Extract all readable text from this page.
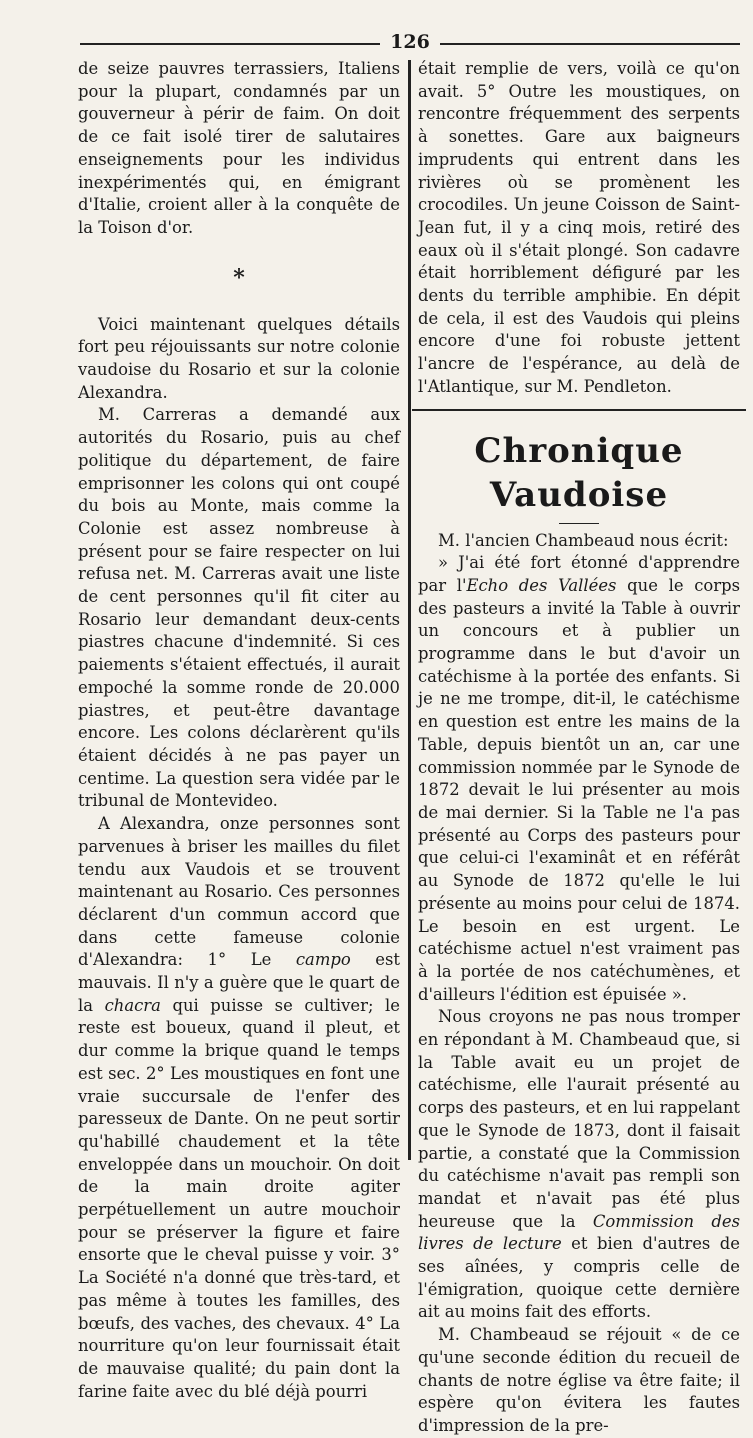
126

de seize pauvres terrassiers, Italiens pour la plupart, condamnés par un gouverneur à périr de faim. On doit de ce fait isolé tirer de salutaires enseignements pour les individus inexpérimentés qui, en émigrant d'Italie, croient aller à la conquête de la Toison d'or.

*

Voici maintenant quelques détails fort peu réjouissants sur notre colonie vaudoise du Rosario et sur la colonie Alexandra.

M. Carreras a demandé aux autorités du Rosario, puis au chef politique du département, de faire emprisonner les colons qui ont coupé du bois au Monte, mais comme la Colonie est assez nombreuse à présent pour se faire respecter on lui refusa net. M. Carreras avait une liste de cent personnes qu'il fit citer au Rosario leur demandant deux-cents piastres chacune d'indemnité. Si ces paiements s'étaient effectués, il aurait empoché la somme ronde de 20.000 piastres, et peut-être davantage encore. Les colons déclarèrent qu'ils étaient décidés à ne pas payer un centime. La question sera vidée par le tribunal de Montevideo.

A Alexandra, onze personnes sont parvenues à briser les mailles du filet tendu aux Vaudois et se trouvent maintenant au Rosario. Ces personnes déclarent d'un commun accord que dans cette fameuse colonie d'Alexandra: 1° Le campo est mauvais. Il n'y a guère que le quart de la chacra qui puisse se cultiver; le reste est boueux, quand il pleut, et dur comme la brique quand le temps est sec. 2° Les moustiques en font une vraie succursale de l'enfer des paresseux de Dante. On ne peut sortir qu'habillé chaudement et la tête enveloppée dans un mouchoir. On doit de la main droite agiter perpétuellement un autre mouchoir pour se préserver la figure et faire ensorte que le cheval puisse y voir. 3° La Société n'a donné que très-tard, et pas même à toutes les familles, des bœufs, des vaches, des chevaux. 4° La nourriture qu'on leur fournissait était de mauvaise qualité; du pain dont la farine faite avec du blé déjà pourri

était remplie de vers, voilà ce qu'on avait. 5° Outre les moustiques, on rencontre fréquemment des serpents à sonettes. Gare aux baigneurs imprudents qui entrent dans les rivières où se promènent les crocodiles. Un jeune Coisson de Saint-Jean fut, il y a cinq mois, retiré des eaux où il s'était plongé. Son cadavre était horriblement défiguré par les dents du terrible amphibie. En dépit de cela, il est des Vaudois qui pleins encore d'une foi robuste jettent l'ancre de l'espérance, au delà de l'Atlantique, sur M. Pendleton.

Chronique Vaudoise

M. l'ancien Chambeaud nous écrit:

» J'ai été fort étonné d'apprendre par l'Echo des Vallées que le corps des pasteurs a invité la Table à ouvrir un concours et à publier un programme dans le but d'avoir un catéchisme à la portée des enfants. Si je ne me trompe, dit-il, le catéchisme en question est entre les mains de la Table, depuis bientôt un an, car une commission nommée par le Synode de 1872 devait le lui présenter au mois de mai dernier. Si la Table ne l'a pas présenté au Corps des pasteurs pour que celui-ci l'examinât et en référât au Synode de 1872 qu'elle le lui présente au moins pour celui de 1874. Le besoin en est urgent. Le catéchisme actuel n'est vraiment pas à la portée de nos catéchumènes, et d'ailleurs l'édition est épuisée ».

Nous croyons ne pas nous tromper en répondant à M. Chambeaud que, si la Table avait eu un projet de catéchisme, elle l'aurait présenté au corps des pasteurs, et en lui rappelant que le Synode de 1873, dont il faisait partie, a constaté que la Commission du catéchisme n'avait pas rempli son mandat et n'avait pas été plus heureuse que la Commission des livres de lecture et bien d'autres de ses aînées, y compris celle de l'émigration, quoique cette dernière ait au moins fait des efforts.

M. Chambeaud se réjouit « de ce qu'une seconde édition du recueil de chants de notre église va être faite; il espère qu'on évitera les fautes d'impression de la pre-
